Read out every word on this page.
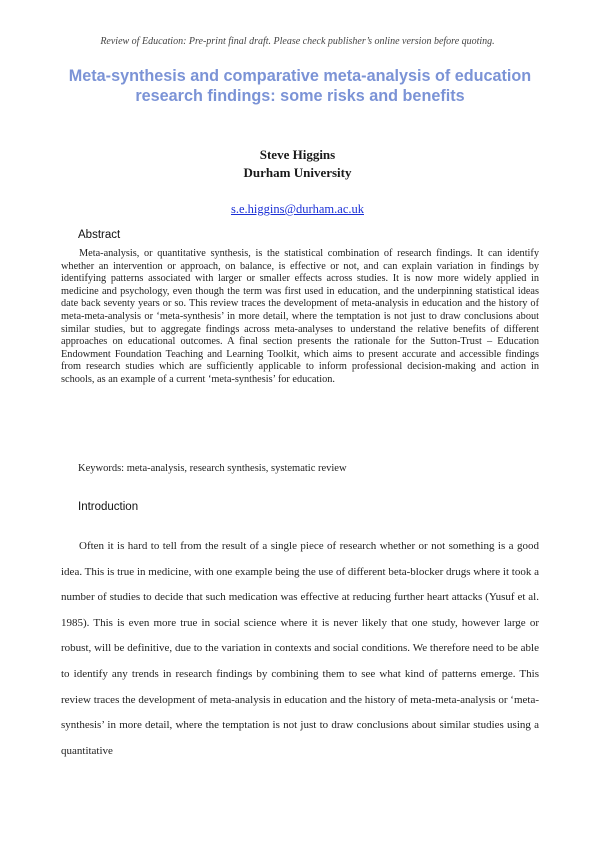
Review of Education: Pre-print final draft. Please check publisher’s online version before quoting.
Meta-synthesis and comparative meta-analysis of education research findings: some risks and benefits
Steve Higgins
Durham University
s.e.higgins@durham.ac.uk
Abstract
Meta-analysis, or quantitative synthesis, is the statistical combination of research findings. It can identify whether an intervention or approach, on balance, is effective or not, and can explain variation in findings by identifying patterns associated with larger or smaller effects across studies. It is now more widely applied in medicine and psychology, even though the term was first used in education, and the underpinning statistical ideas date back seventy years or so. This review traces the development of meta-analysis in education and the history of meta-meta-analysis or ‘meta-synthesis’ in more detail, where the temptation is not just to draw conclusions about similar studies, but to aggregate findings across meta-analyses to understand the relative benefits of different approaches on educational outcomes. A final section presents the rationale for the Sutton-Trust – Education Endowment Foundation Teaching and Learning Toolkit, which aims to present accurate and accessible findings from research studies which are sufficiently applicable to inform professional decision-making and action in schools, as an example of a current ‘meta-synthesis’ for education.
Keywords: meta-analysis, research synthesis, systematic review
Introduction
Often it is hard to tell from the result of a single piece of research whether or not something is a good idea. This is true in medicine, with one example being the use of different beta-blocker drugs where it took a number of studies to decide that such medication was effective at reducing further heart attacks (Yusuf et al. 1985). This is even more true in social science where it is never likely that one study, however large or robust, will be definitive, due to the variation in contexts and social conditions. We therefore need to be able to identify any trends in research findings by combining them to see what kind of patterns emerge. This review traces the development of meta-analysis in education and the history of meta-meta-analysis or ‘meta-synthesis’ in more detail, where the temptation is not just to draw conclusions about similar studies using a quantitative
